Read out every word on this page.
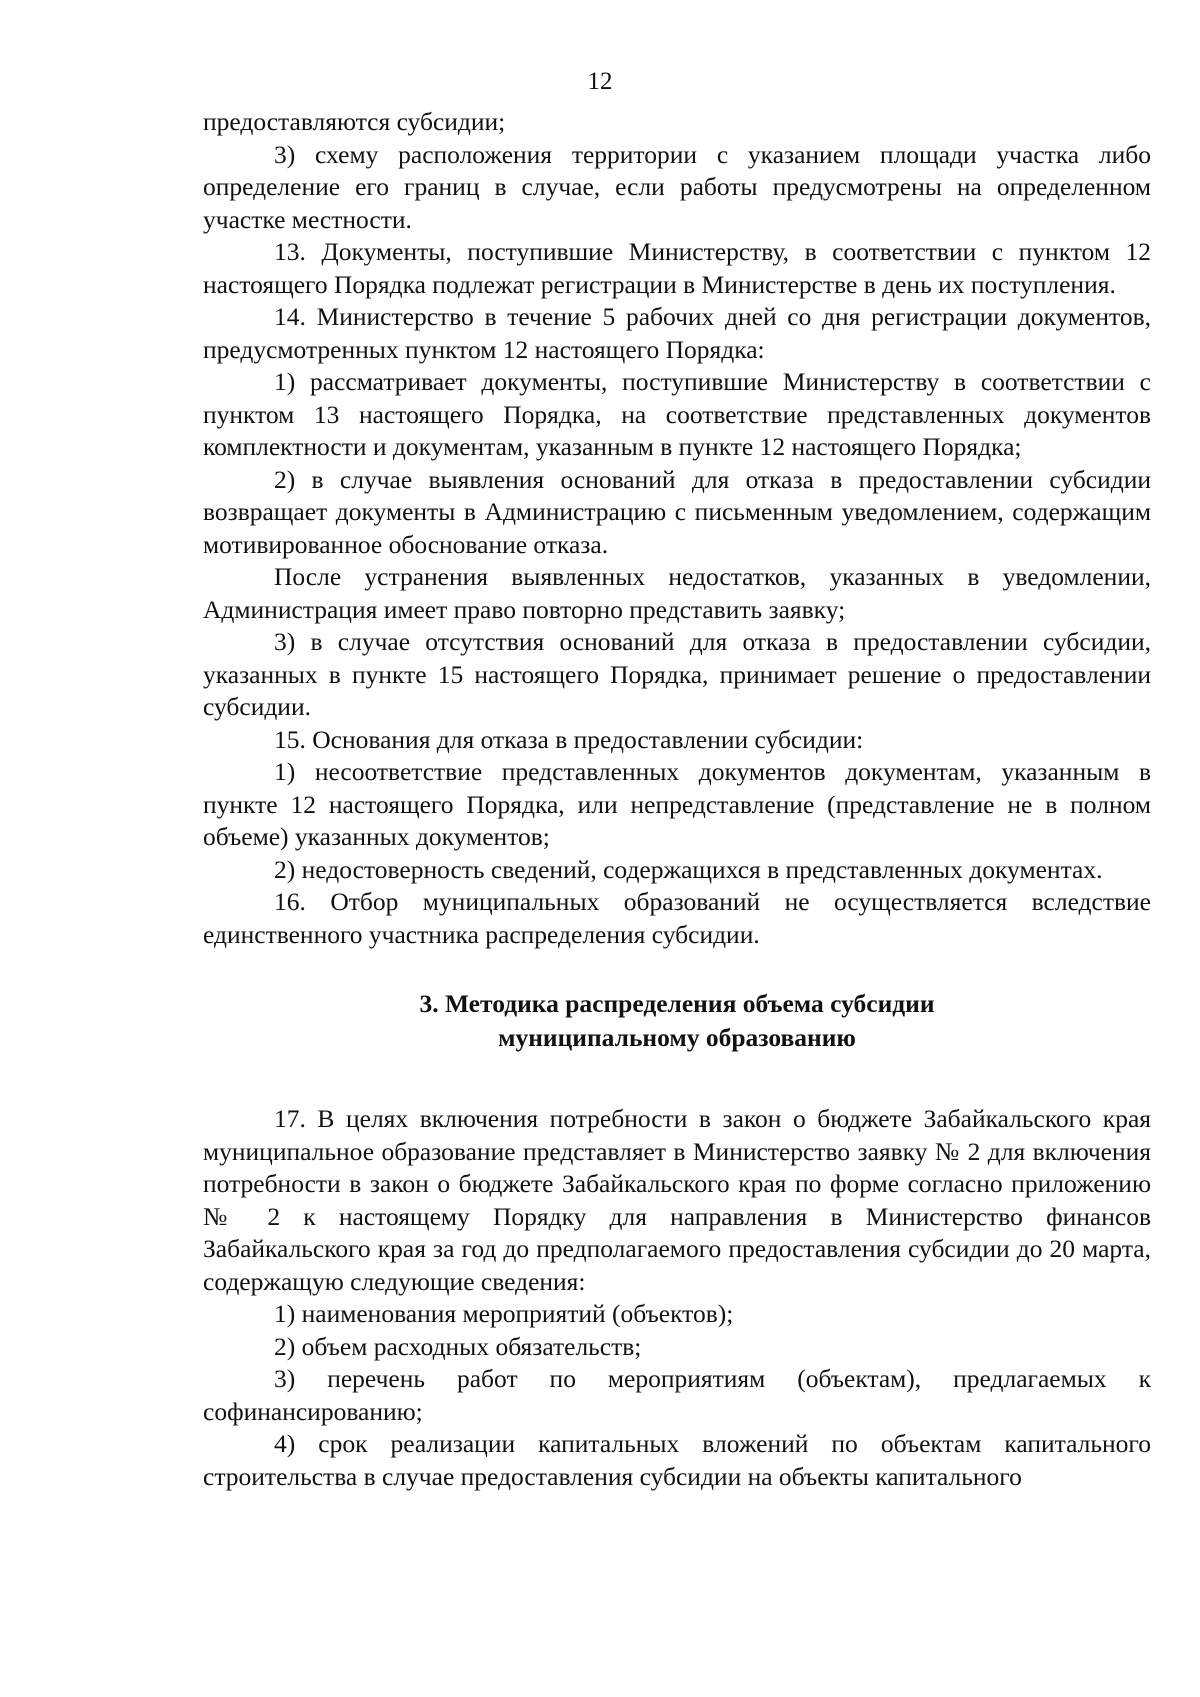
12

предоставляются субсидии;

3) схему расположения территории с указанием площади участка либо определение его границ в случае, если работы предусмотрены на определенном участке местности.

13. Документы, поступившие Министерству, в соответствии с пунктом 12 настоящего Порядка подлежат регистрации в Министерстве в день их поступления.

14. Министерство в течение 5 рабочих дней со дня регистрации документов, предусмотренных пунктом 12 настоящего Порядка:

1) рассматривает документы, поступившие Министерству в соответствии с пунктом 13 настоящего Порядка, на соответствие представленных документов комплектности и документам, указанным в пункте 12 настоящего Порядка;

2) в случае выявления оснований для отказа в предоставлении субсидии возвращает документы в Администрацию с письменным уведомлением, содержащим мотивированное обоснование отказа.

После устранения выявленных недостатков, указанных в уведомлении, Администрация имеет право повторно представить заявку;

3) в случае отсутствия оснований для отказа в предоставлении субсидии, указанных в пункте 15 настоящего Порядка, принимает решение о предоставлении субсидии.

15. Основания для отказа в предоставлении субсидии:

1) несоответствие представленных документов документам, указанным в пункте 12 настоящего Порядка, или непредставление (представление не в полном объеме) указанных документов;

2) недостоверность сведений, содержащихся в представленных документах.

16. Отбор муниципальных образований не осуществляется вследствие единственного участника распределения субсидии.

3. Методика распределения объема субсидии
муниципальному образованию

17. В целях включения потребности в закон о бюджете Забайкальского края муниципальное образование представляет в Министерство заявку № 2 для включения потребности в закон о бюджете Забайкальского края по форме согласно приложению № 2 к настоящему Порядку для направления в Министерство финансов Забайкальского края за год до предполагаемого предоставления субсидии до 20 марта, содержащую следующие сведения:

1) наименования мероприятий (объектов);

2) объем расходных обязательств;

3) перечень работ по мероприятиям (объектам), предлагаемых к софинансированию;

4) срок реализации капитальных вложений по объектам капитального строительства в случае предоставления субсидии на объекты капитального
